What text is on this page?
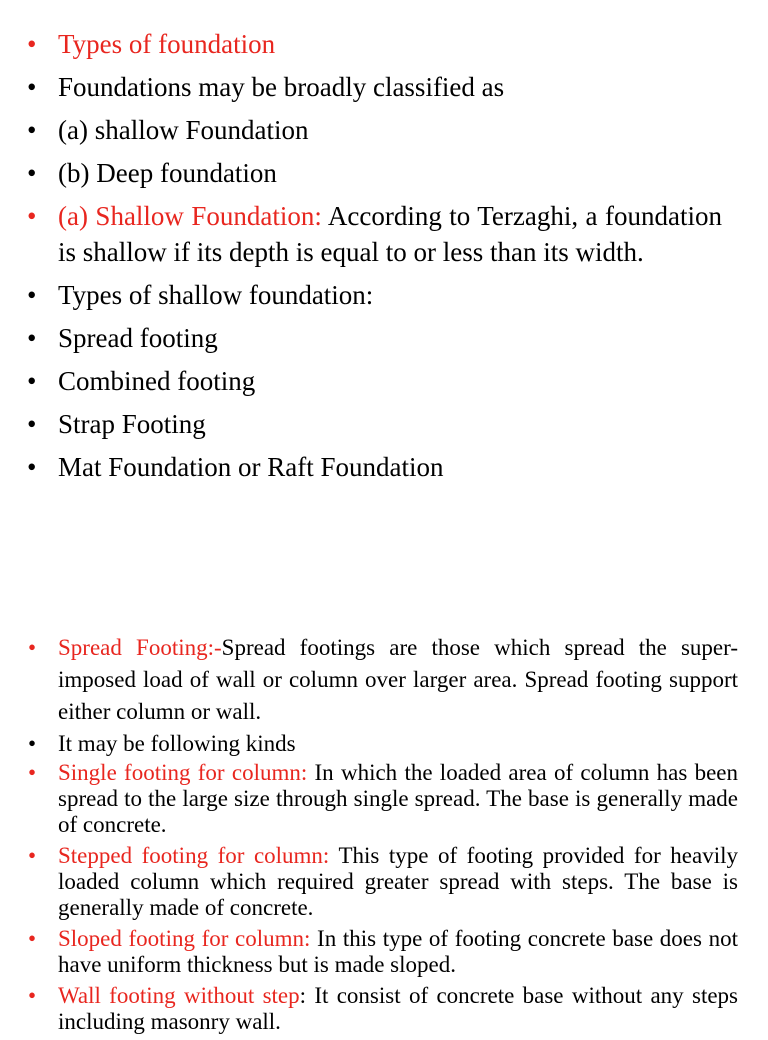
• Types of foundation
• Foundations may be broadly classified as
• (a) shallow Foundation
• (b) Deep foundation
• (a) Shallow Foundation: According to Terzaghi, a foundation is shallow if its depth is equal to or less than its width.
• Types of shallow foundation:
• Spread footing
• Combined footing
• Strap Footing
• Mat Foundation or Raft Foundation
• Spread Footing:-Spread footings are those which spread the super-imposed load of wall or column over larger area. Spread footing support either column or wall.
• It may be following kinds
• Single footing for column: In which the loaded area of column has been spread to the large size through single spread. The base is generally made of concrete.
• Stepped footing for column: This type of footing provided for heavily loaded column which required greater spread with steps. The base is generally made of concrete.
• Sloped footing for column: In this type of footing concrete base does not have uniform thickness but is made sloped.
• Wall footing without step: It consist of concrete base without any steps including masonry wall.
